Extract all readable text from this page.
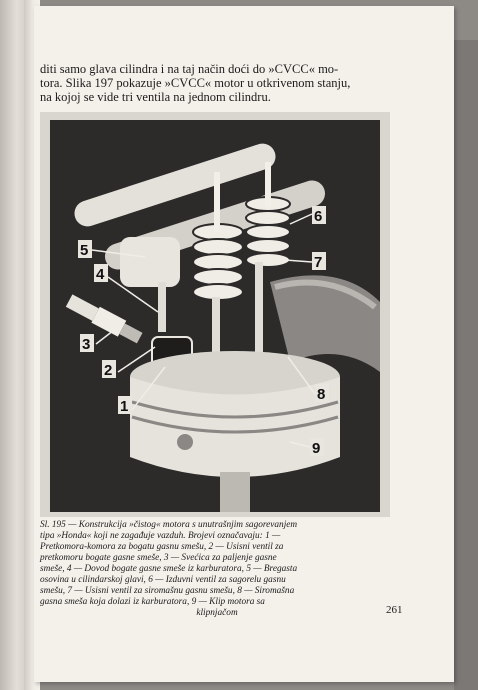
diti samo glava cilindra i na taj način doći do »CVCC« mo-
tora. Slika 197 pokazuje »CVCC« motor u otkrivenom stanju,
na kojoj se vide tri ventila na jednom cilindru.

1
2
3
4
5
6
7
8
9

Sl. 195 — Konstrukcija »čistog« motora s unutrašnjim sagorevanjem
tipa »Honda« koji ne zagađuje vazduh. Brojevi označavaju: 1 —
Pretkomora-komora za bogatu gasnu smešu, 2 — Usisni ventil za
pretkomoru bogate gasne smeše, 3 — Svećica za paljenje gasne
smeše, 4 — Dovod bogate gasne smeše iz karburatora, 5 — Bregasta
osovina u cilindarskoj glavi, 6 — Izduvni ventil za sagorelu gasnu
smešu, 7 — Usisni ventil za siromašnu gasnu smešu, 8 — Siromašna
gasna smeša koja dolazi iz karburatora, 9 — Klip motora sa
klipnjačom	261
